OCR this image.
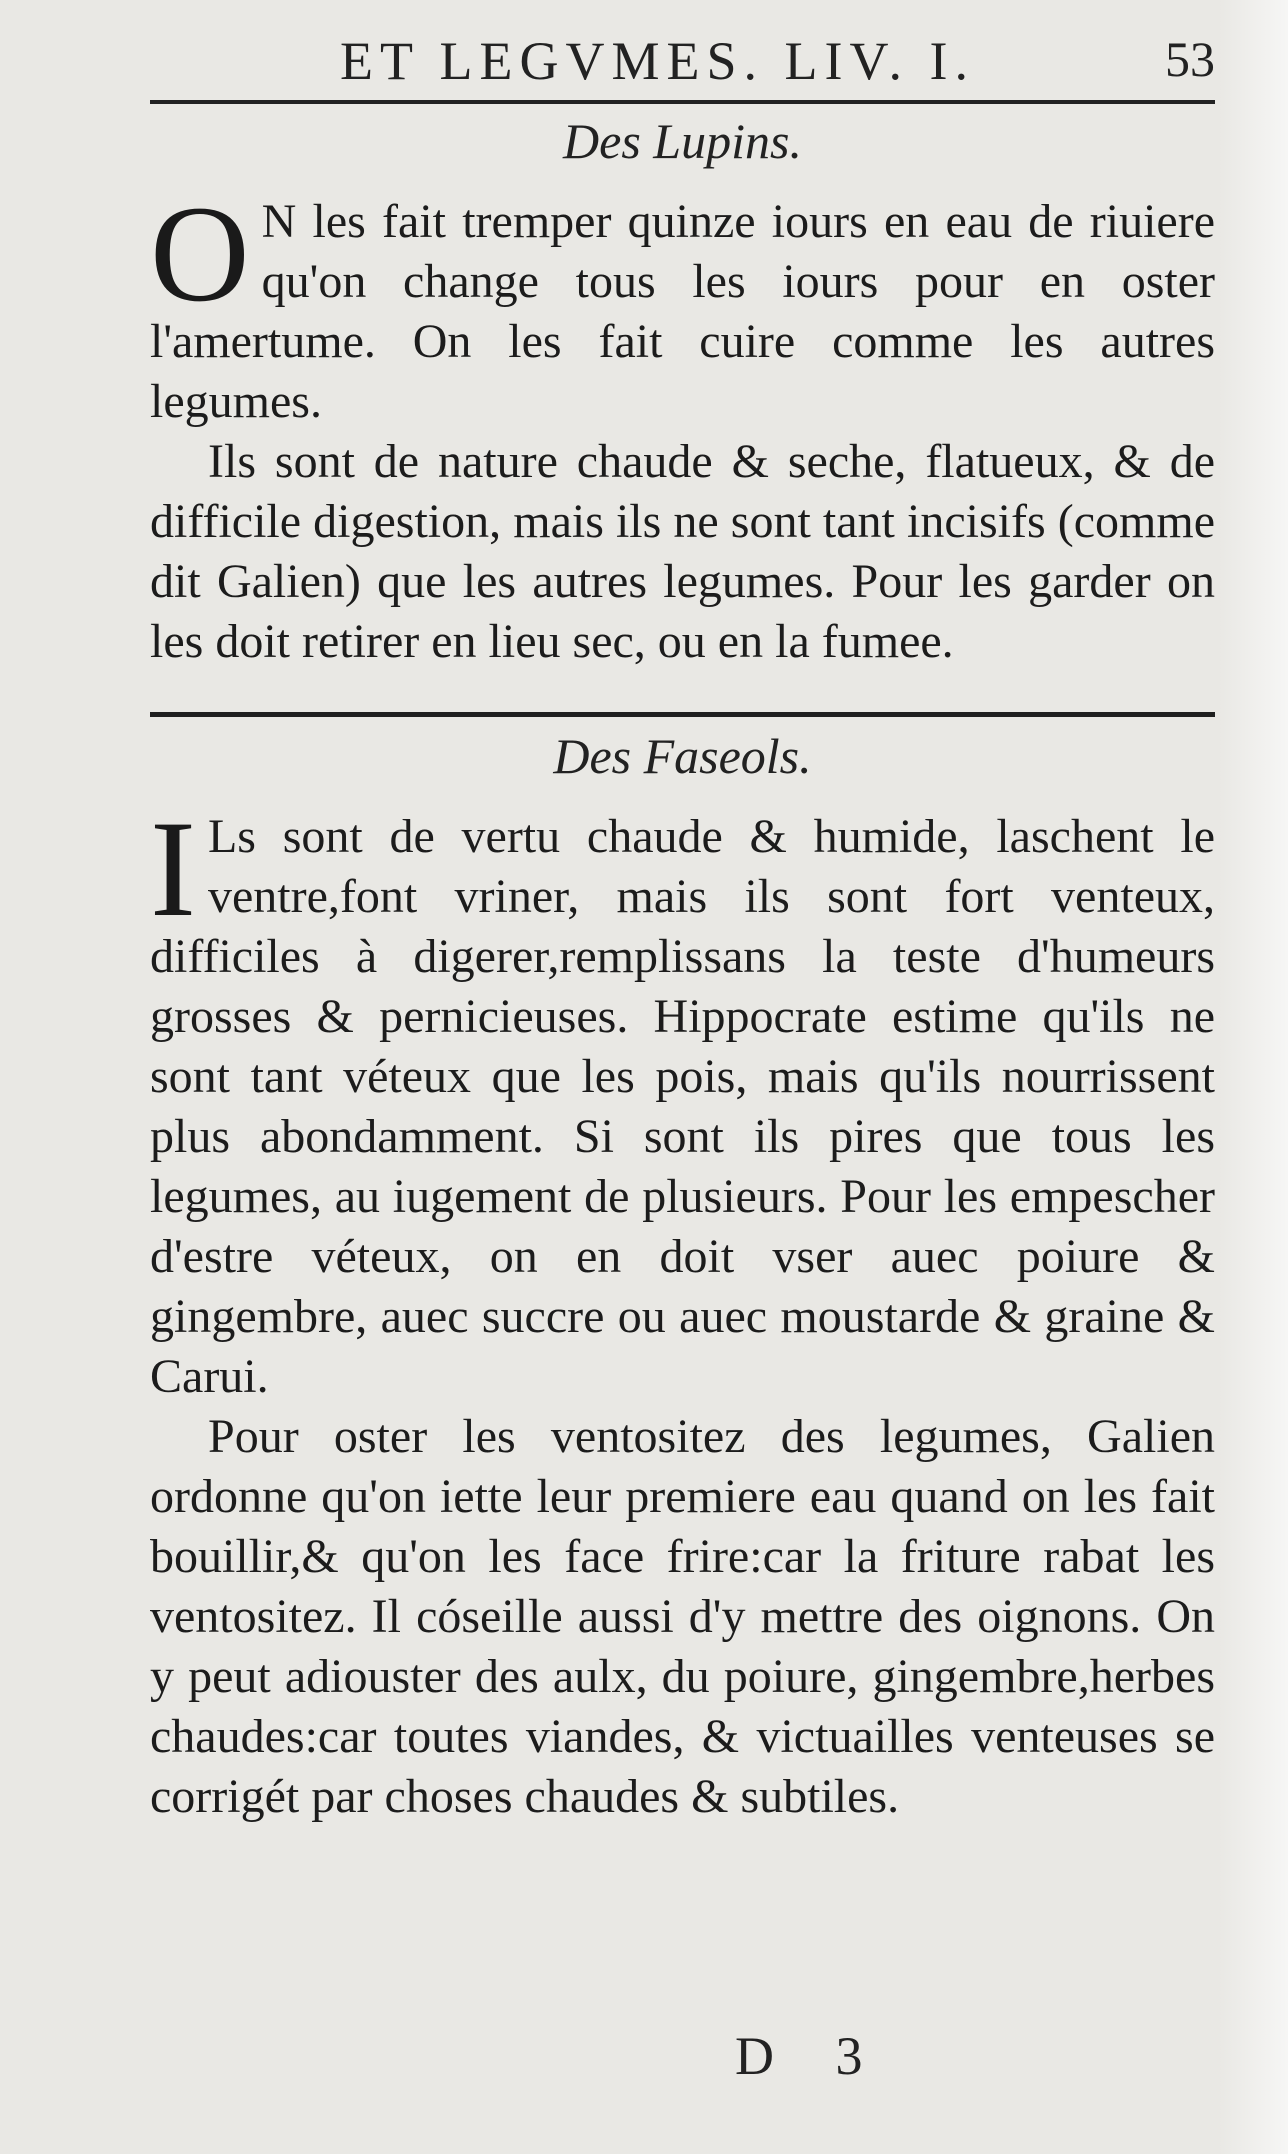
ET LEGVMES. LIV. I.	53
Des Lupins.

O N les fait tremper quinze iours en eau de riuiere qu'on change tous les iours pour en oster l'amertume. On les fait cuire comme les autres legumes.

Ils sont de nature chaude & seche, flatueux, & de difficile digestion, mais ils ne sont tant incisifs (comme dit Galien) que les autres legumes. Pour les garder on les doit retirer en lieu sec, ou en la fumee.

Des Faseols.

I Ls sont de vertu chaude & humide, laschent le ventre,font vriner, mais ils sont fort venteux, difficiles à digerer,remplissans la teste d'humeurs grosses & pernicieuses. Hippocrate estime qu'ils ne sont tant véteux que les pois, mais qu'ils nourrissent plus abondamment. Si sont ils pires que tous les legumes, au iugement de plusieurs. Pour les empescher d'estre véteux, on en doit vser auec poiure & gingembre, auec succre ou auec moustarde & graine & Carui.

Pour oster les ventositez des legumes, Galien ordonne qu'on iette leur premiere eau quand on les fait bouillir,& qu'on les face frire:car la friture rabat les ventositez. Il cóseille aussi d'y mettre des oignons. On y peut adiouster des aulx, du poiure, gingembre,herbes chaudes:car toutes viandes, & victuailles venteuses se corrigét par choses chaudes & subtiles.

D 3
